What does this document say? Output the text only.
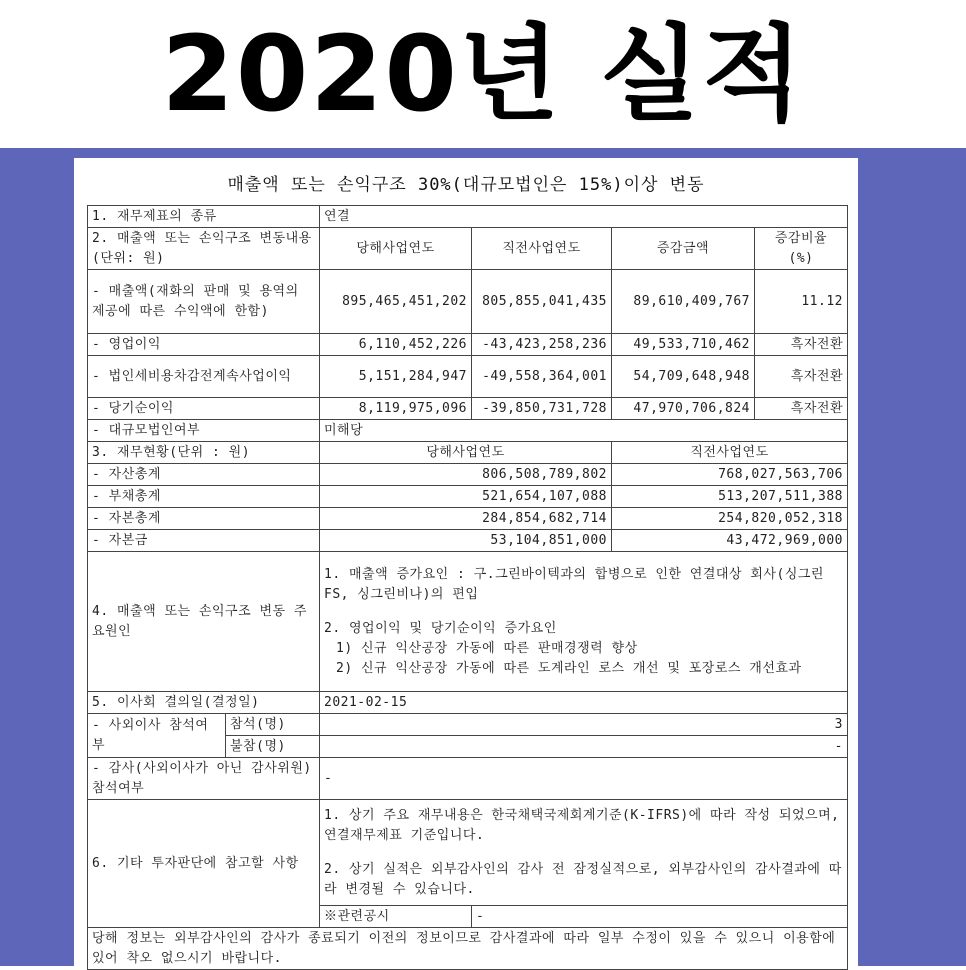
2020년 실적
매출액 또는 손익구조 30%(대규모법인은 15%)이상 변동
1. 재무제표의 종류		연결			
2. 매출액 또는 손익구조 변동내용(단위: 원)		당해사업연도	직전사업연도	증감금액	증감비율 (%)
- 매출액(재화의 판매 및 용역의 제공에 따른 수익액에 한함)		895,465,451,202	805,855,041,435	89,610,409,767	11.12
- 영업이익		6,110,452,226	-43,423,258,236	49,533,710,462	흑자전환
- 법인세비용차감전계속사업이익		5,151,284,947	-49,558,364,001	54,709,648,948	흑자전환
- 당기순이익		8,119,975,096	-39,850,731,728	47,970,706,824	흑자전환
- 대규모법인여부		미해당			
3. 재무현황(단위 : 원)		당해사업연도		직전사업연도	
- 자산총계		806,508,789,802		768,027,563,706	
- 부채총계		521,654,107,088		513,207,511,388	
- 자본총계		284,854,682,714		254,820,052,318	
- 자본금		53,104,851,000		43,472,969,000	
4. 매출액 또는 손익구조 변동 주요원인		1. 매출액 증가요인 : 구.그린바이텍과의 합병으로 인한 연결대상 회사(싱그린FS, 싱그린비나)의 편입
2. 영업이익 및 당기순이익 증가요인
1) 신규 익산공장 가동에 따른 판매경쟁력 향상
2) 신규 익산공장 가동에 따른 도계라인 로스 개선 및 포장로스 개선효과			

5. 이사회 결의일(결정일)		2021-02-15			
- 사외이사 참석여부	참석(명)	3			
	불참(명)	-			
- 감사(사외이사가 아닌 감사위원)참석여부		-			
6. 기타 투자판단에 참고할 사항		1. 상기 주요 재무내용은 한국채택국제회계기준(K-IFRS)에 따라 작성 되었으며, 연결재무제표 기준입니다.
2. 상기 실적은 외부감사인의 감사 전 잠정실적으로, 외부감사인의 감사결과에 따라 변경될 수 있습니다.			

		※관련공시	-		
당해 정보는 외부감사인의 감사가 종료되기 이전의 정보이므로 감사결과에 따라 일부 수정이 있을 수 있으니 이용함에 있어 착오 없으시기 바랍니다.					
